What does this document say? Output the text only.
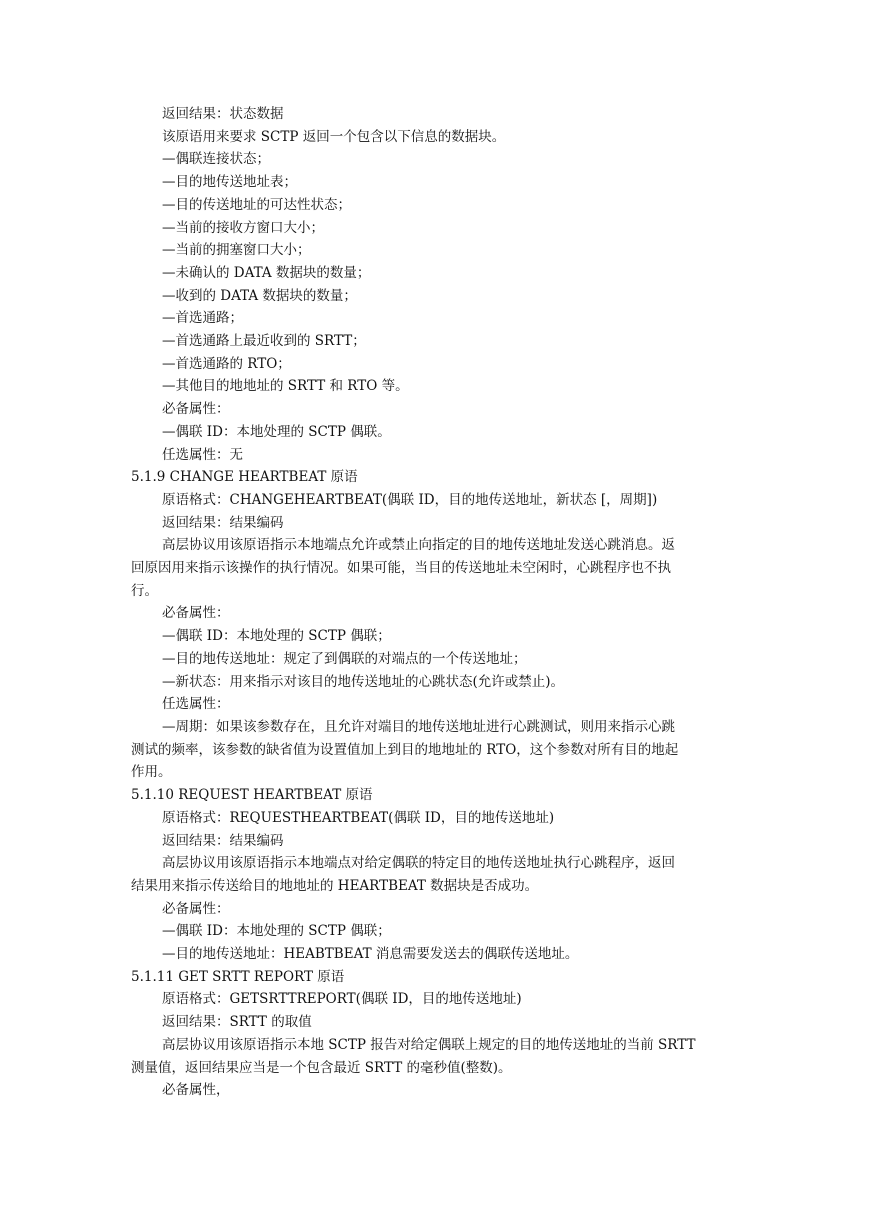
返回结果：状态数据
该原语用来要求 SCTP 返回一个包含以下信息的数据块。
—偶联连接状态；
—目的地传送地址表；
—目的传送地址的可达性状态；
—当前的接收方窗口大小；
—当前的拥塞窗口大小；
—未确认的 DATA 数据块的数量；
—收到的 DATA 数据块的数量；
—首选通路；
—首选通路上最近收到的 SRTT；
—首选通路的 RTO；
—其他目的地地址的 SRTT 和 RTO 等。
必备属性：
—偶联 ID：本地处理的 SCTP 偶联。
任选属性：无
5.1.9 CHANGE HEARTBEAT 原语
原语格式：CHANGEHEARTBEAT(偶联 ID，目的地传送地址，新状态 [，周期])
返回结果：结果编码
高层协议用该原语指示本地端点允许或禁止向指定的目的地传送地址发送心跳消息。返
回原因用来指示该操作的执行情况。如果可能，当目的传送地址未空闲时，心跳程序也不执
行。
必备属性：
—偶联 ID：本地处理的 SCTP 偶联；
—目的地传送地址：规定了到偶联的对端点的一个传送地址；
—新状态：用来指示对该目的地传送地址的心跳状态(允许或禁止)。
任选属性：
—周期：如果该参数存在，且允许对端目的地传送地址进行心跳测试，则用来指示心跳
测试的频率，该参数的缺省值为设置值加上到目的地地址的 RTO，这个参数对所有目的地起
作用。
5.1.10 REQUEST HEARTBEAT 原语
原语格式：REQUESTHEARTBEAT(偶联 ID，目的地传送地址)
返回结果：结果编码
高层协议用该原语指示本地端点对给定偶联的特定目的地传送地址执行心跳程序，返回
结果用来指示传送给目的地地址的 HEARTBEAT 数据块是否成功。
必备属性：
—偶联 ID：本地处理的 SCTP 偶联；
—目的地传送地址：HEABTBEAT 消息需要发送去的偶联传送地址。
5.1.11 GET SRTT REPORT 原语
原语格式：GETSRTTREPORT(偶联 ID，目的地传送地址)
返回结果：SRTT 的取值
高层协议用该原语指示本地 SCTP 报告对给定偶联上规定的目的地传送地址的当前 SRTT
测量值，返回结果应当是一个包含最近 SRTT 的毫秒值(整数)。
必备属性，
